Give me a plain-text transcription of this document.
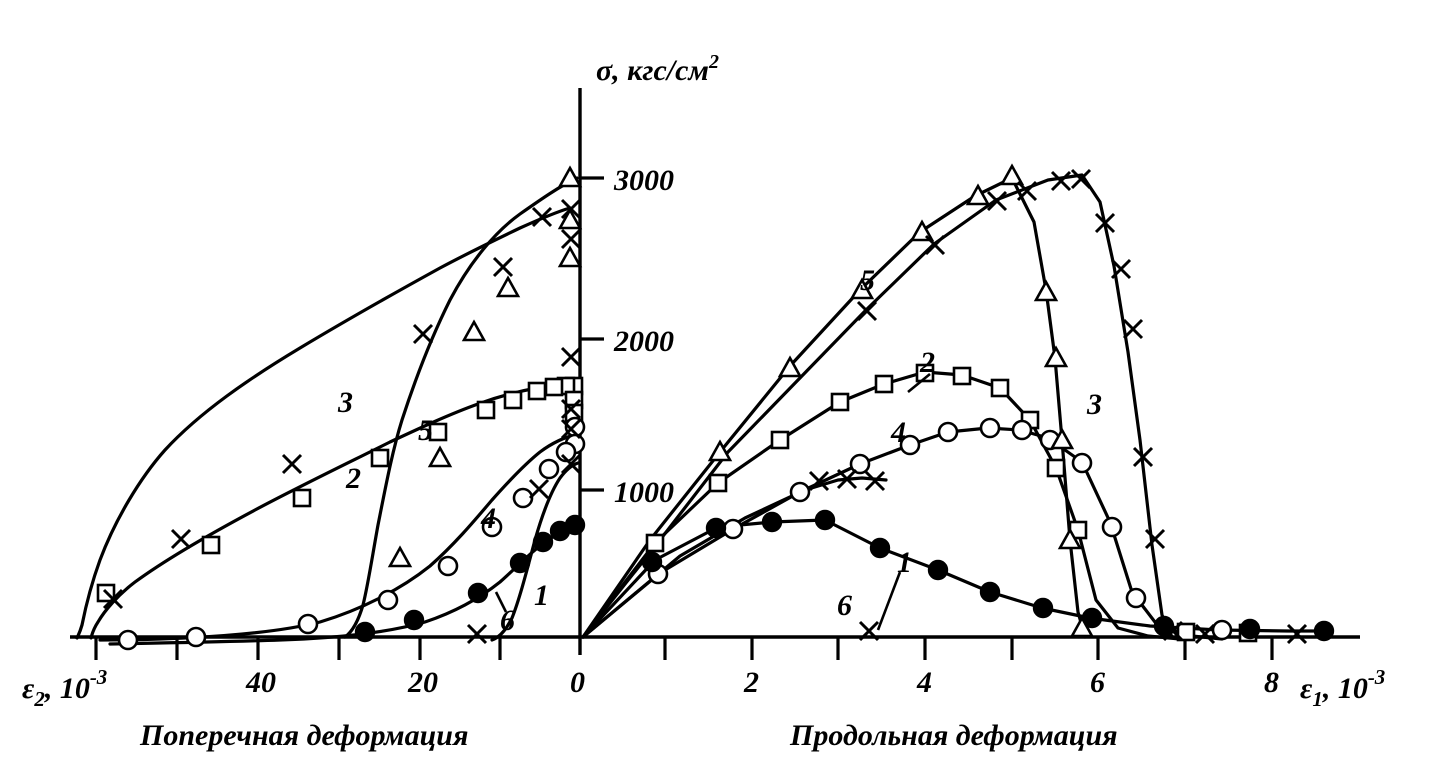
σ, кгс/$см^2$
3000
2000
1000
40	20	0	2	4	6	8
$\varepsilon_2$, $10^{-3}$	$\varepsilon_1$, $10^{-3}$
Поперечная деформация	Продольная деформация
3
5
2
4
1
6
5
2
3
4
1
6
